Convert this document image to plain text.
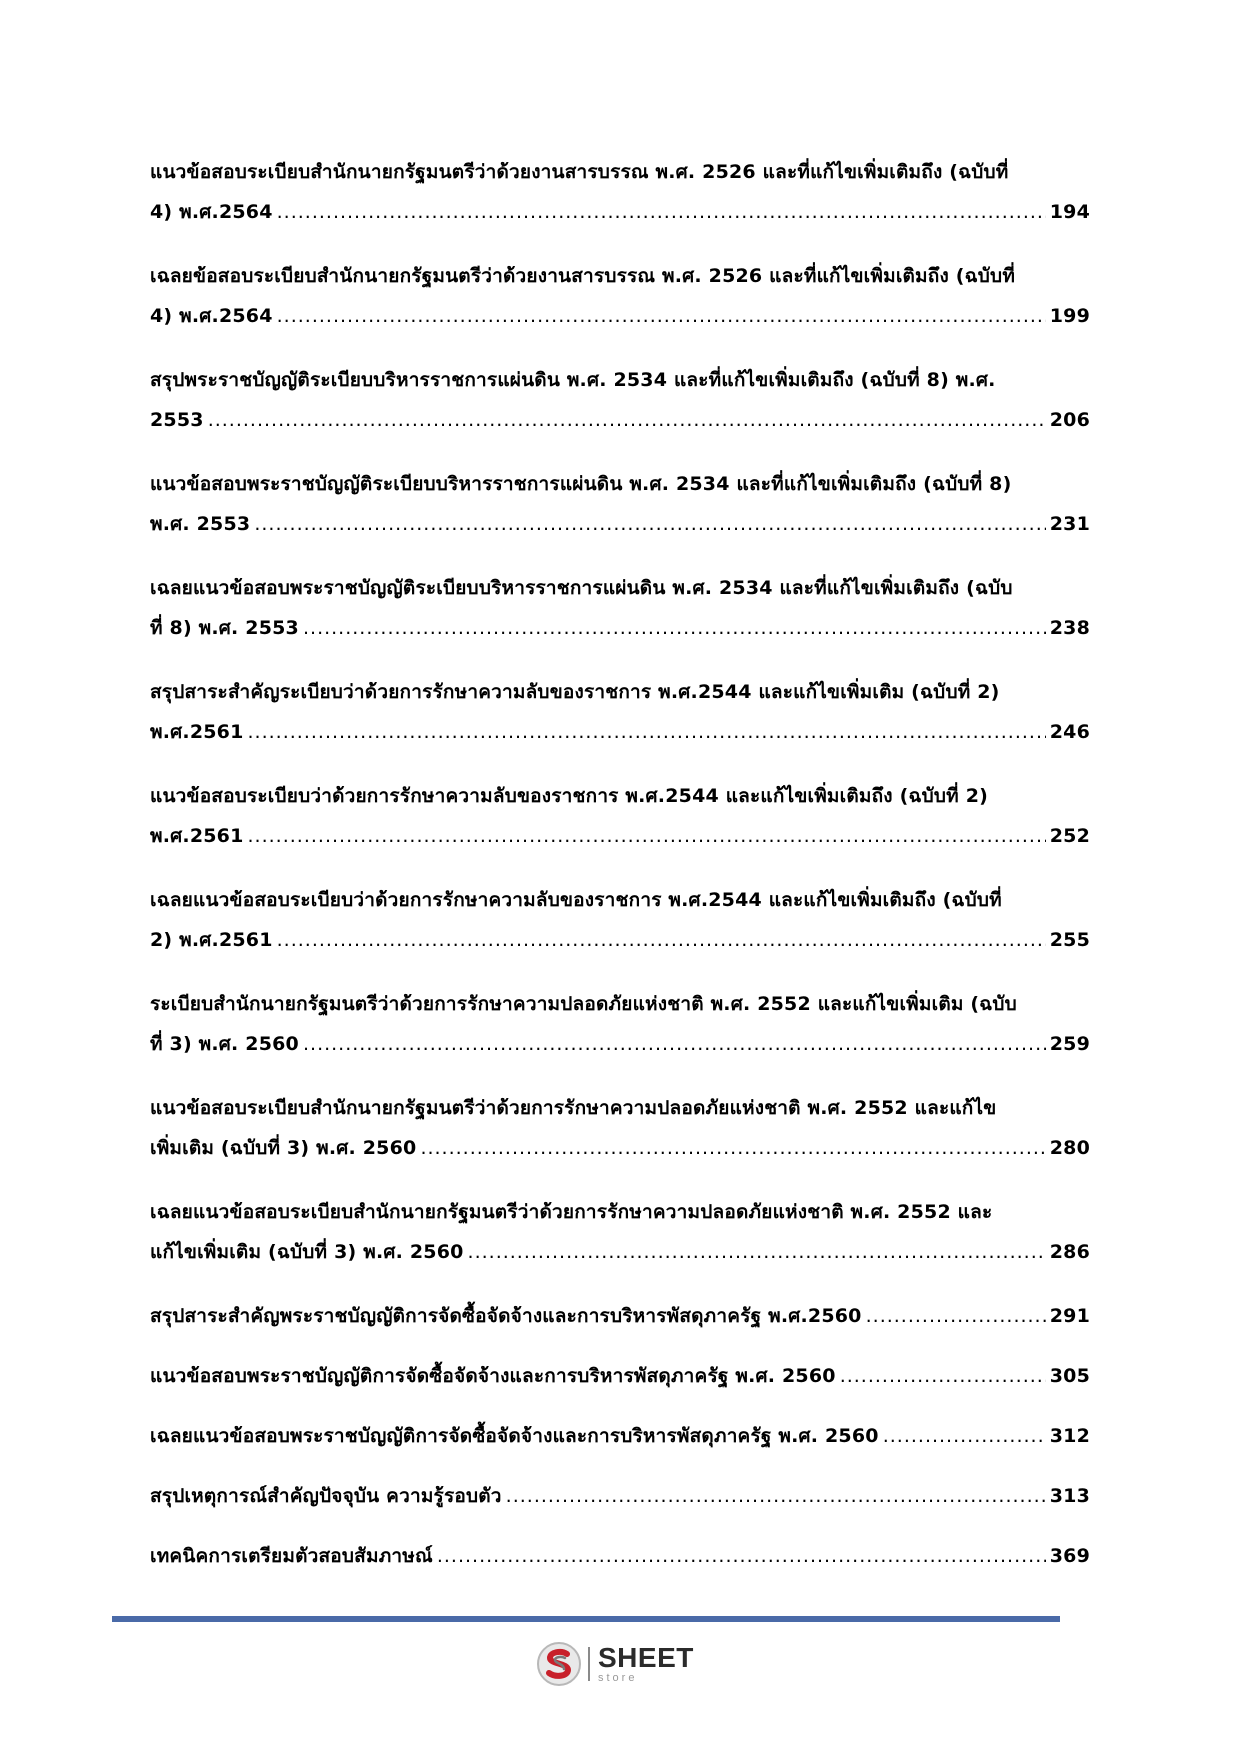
แนวข้อสอบระเบียบสำนักนายกรัฐมนตรีว่าด้วยงานสารบรรณ พ.ศ. 2526 และที่แก้ไขเพิ่มเติมถึง (ฉบับที่
4) พ.ศ.2564 .....	194
เฉลยข้อสอบระเบียบสำนักนายกรัฐมนตรีว่าด้วยงานสารบรรณ พ.ศ. 2526 และที่แก้ไขเพิ่มเติมถึง (ฉบับที่
4) พ.ศ.2564 .....	199
สรุปพระราชบัญญัติระเบียบบริหารราชการแผ่นดิน พ.ศ. 2534 และที่แก้ไขเพิ่มเติมถึง (ฉบับที่ 8) พ.ศ.
2553 .....	206
แนวข้อสอบพระราชบัญญัติระเบียบบริหารราชการแผ่นดิน พ.ศ. 2534 และที่แก้ไขเพิ่มเติมถึง (ฉบับที่ 8)
พ.ศ. 2553 .....	231
เฉลยแนวข้อสอบพระราชบัญญัติระเบียบบริหารราชการแผ่นดิน พ.ศ. 2534 และที่แก้ไขเพิ่มเติมถึง (ฉบับ
ที่ 8) พ.ศ. 2553 .....	238
สรุปสาระสำคัญระเบียบว่าด้วยการรักษาความลับของราชการ พ.ศ.2544 และแก้ไขเพิ่มเติม (ฉบับที่ 2)
พ.ศ.2561 .....	246
แนวข้อสอบระเบียบว่าด้วยการรักษาความลับของราชการ พ.ศ.2544 และแก้ไขเพิ่มเติมถึง (ฉบับที่ 2)
พ.ศ.2561 .....	252
เฉลยแนวข้อสอบระเบียบว่าด้วยการรักษาความลับของราชการ พ.ศ.2544 และแก้ไขเพิ่มเติมถึง (ฉบับที่
2) พ.ศ.2561 .....	255
ระเบียบสำนักนายกรัฐมนตรีว่าด้วยการรักษาความปลอดภัยแห่งชาติ พ.ศ. 2552 และแก้ไขเพิ่มเติม (ฉบับ
ที่ 3) พ.ศ. 2560 .....	259
แนวข้อสอบระเบียบสำนักนายกรัฐมนตรีว่าด้วยการรักษาความปลอดภัยแห่งชาติ พ.ศ. 2552 และแก้ไข
เพิ่มเติม (ฉบับที่ 3) พ.ศ. 2560 .....	280
เฉลยแนวข้อสอบระเบียบสำนักนายกรัฐมนตรีว่าด้วยการรักษาความปลอดภัยแห่งชาติ พ.ศ. 2552 และ
แก้ไขเพิ่มเติม (ฉบับที่ 3) พ.ศ. 2560 .....	286
สรุปสาระสำคัญพระราชบัญญัติการจัดซื้อจัดจ้างและการบริหารพัสดุภาครัฐ พ.ศ.2560 .....	291
แนวข้อสอบพระราชบัญญัติการจัดซื้อจัดจ้างและการบริหารพัสดุภาครัฐ พ.ศ. 2560 .....	305
เฉลยแนวข้อสอบพระราชบัญญัติการจัดซื้อจัดจ้างและการบริหารพัสดุภาครัฐ พ.ศ. 2560 .....	312
สรุปเหตุการณ์สำคัญปัจจุบัน ความรู้รอบตัว .....	313
เทคนิคการเตรียมตัวสอบสัมภาษณ์ .....	369
SHEET
store
